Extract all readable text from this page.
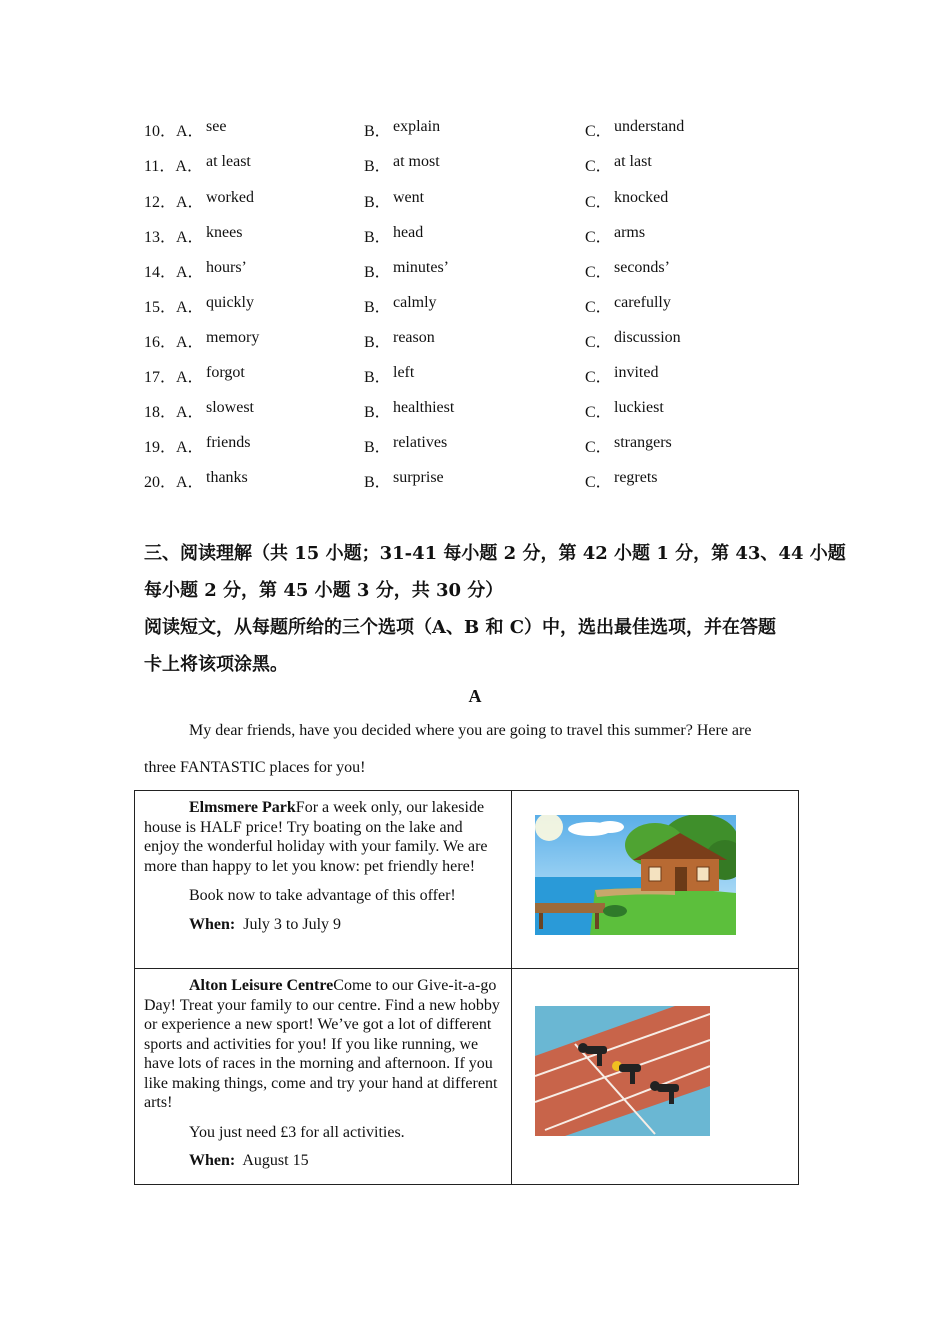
10．A． see	B． explain	C． understand
11．A． at least	B． at most	C． at last
12．A． worked	B． went	C． knocked
13．A． knees	B． head	C． arms
14．A． hours’	B． minutes’	C． seconds’
15．A． quickly	B． calmly	C． carefully
16．A． memory	B． reason	C． discussion
17．A． forgot	B． left	C． invited
18．A． slowest	B． healthiest	C． luckiest
19．A． friends	B． relatives	C． strangers
20．A． thanks	B． surprise	C． regrets
三、阅读理解（共 15 小题；31-41 每小题 2 分，第 42 小题 1 分，第 43、44 小题
每小题 2 分，第 45 小题 3 分，共 30 分）
阅读短文，从每题所给的三个选项（A、B 和 C）中，选出最佳选项，并在答题
卡上将该项涂黑。
A
My dear friends, have you decided where you are going to travel this summer? Here are
three FANTASTIC places for you!

Elmsmere ParkFor a week only, our lakeside house is HALF price! Try boating on the lake and enjoy the wonderful holiday with your family. We are more than happy to let you know: pet friendly here!

Book now to take advantage of this offer!

When: July 3 to July 9

Alton Leisure CentreCome to our Give-it-a-go Day! Treat your family to our centre. Find a new hobby or experience a new sport! We’ve got a lot of different sports and activities for you! If you like running, we have lots of races in the morning and afternoon. If you like making things, come and try your hand at different arts!

You just need £3 for all activities.

When: August 15
